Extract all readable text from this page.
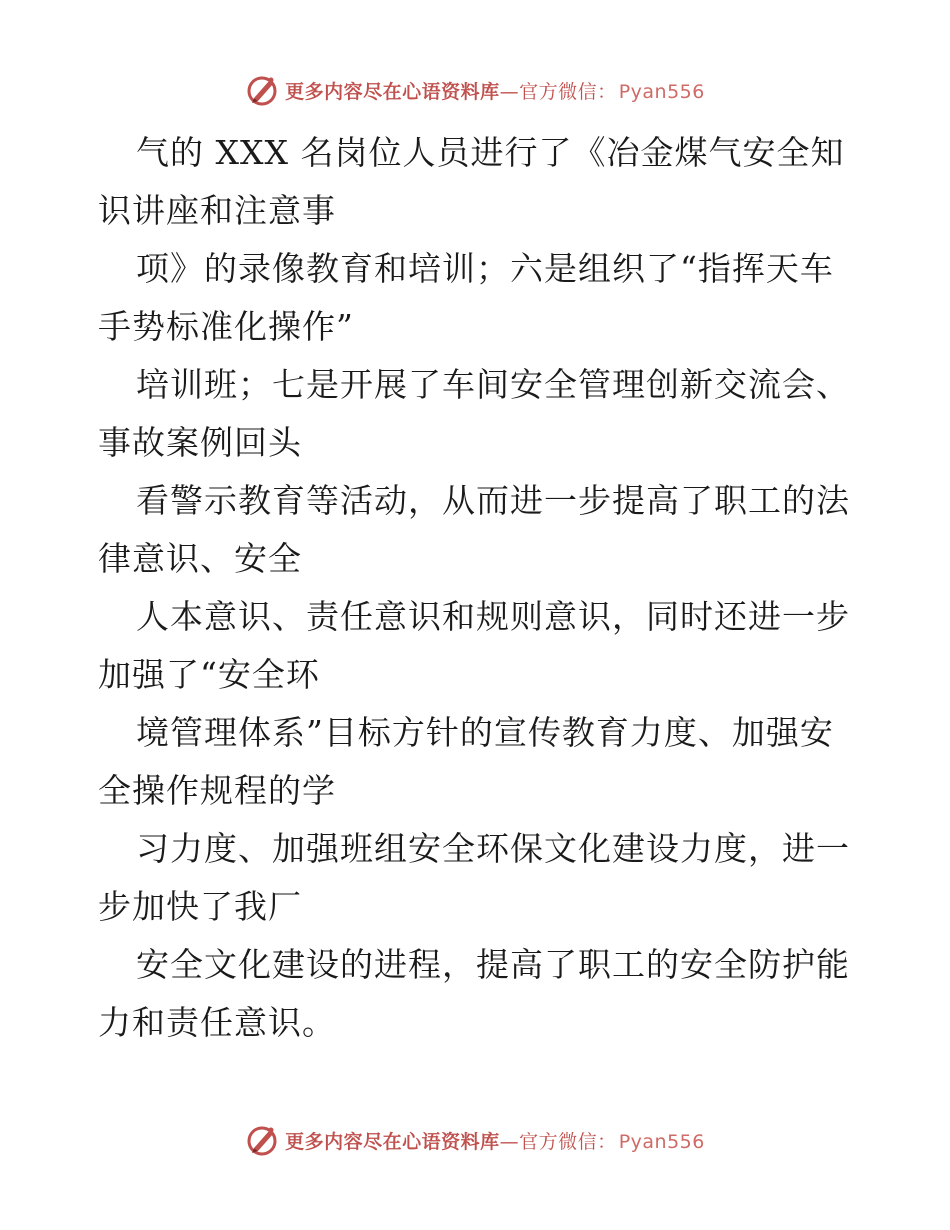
更多内容尽在心语资料库—官方微信： Pyan556

气的 XXX 名岗位人员进行了《冶金煤气安全知

识讲座和注意事

项》的录像教育和培训；六是组织了“指挥天车

手势标准化操作”

培训班；七是开展了车间安全管理创新交流会、

事故案例回头

看警示教育等活动，从而进一步提高了职工的法

律意识、安全

人本意识、责任意识和规则意识，同时还进一步

加强了“安全环

境管理体系”目标方针的宣传教育力度、加强安

全操作规程的学

习力度、加强班组安全环保文化建设力度，进一

步加快了我厂

安全文化建设的进程，提高了职工的安全防护能

力和责任意识。

更多内容尽在心语资料库—官方微信： Pyan556
